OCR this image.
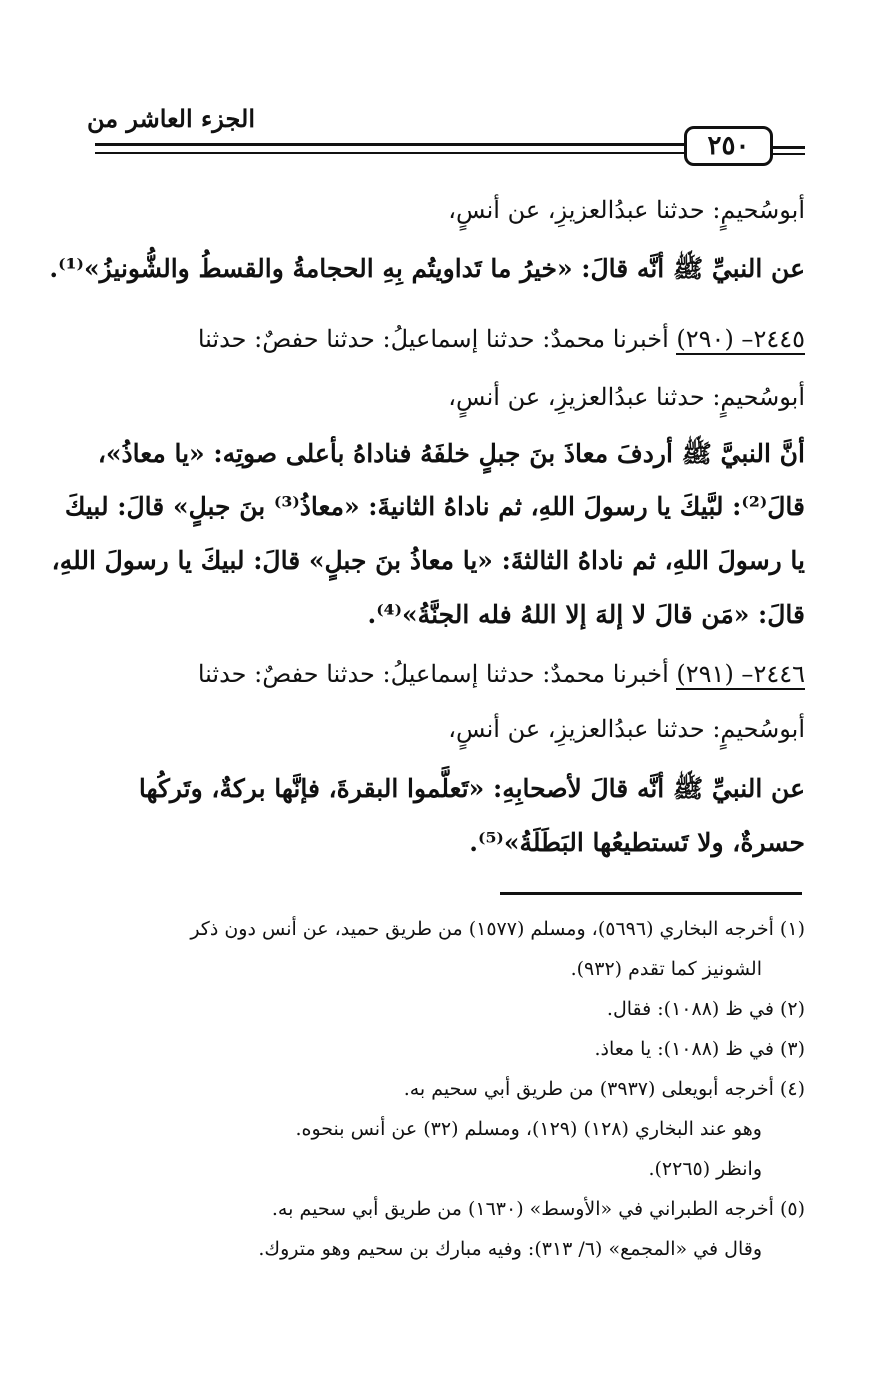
الجزء العاشر من
٢٥٠
أبوسُحيمٍ: حدثنا عبدُالعزيزِ، عن أنسٍ،
عن النبيِّ ﷺ أنَّه قالَ: «خيرُ ما تَداويتُم بِهِ الحجامةُ والقسطُ والشُّونيزُ»⁽¹⁾.
٢٤٤٥– (٢٩٠) أخبرنا محمدٌ: حدثنا إسماعيلُ: حدثنا حفصٌ: حدثنا
أبوسُحيمٍ: حدثنا عبدُالعزيزِ، عن أنسٍ،
أنَّ النبيَّ ﷺ أردفَ معاذَ بنَ جبلٍ خلفَهُ فناداهُ بأعلى صوتِه: «يا معاذُ»،
قالَ⁽²⁾: لبَّيكَ يا رسولَ اللهِ، ثم ناداهُ الثانيةَ: «معاذُ⁽³⁾ بنَ جبلٍ» قالَ: لبيكَ
يا رسولَ اللهِ، ثم ناداهُ الثالثةَ: «يا معاذُ بنَ جبلٍ» قالَ: لبيكَ يا رسولَ اللهِ،
قالَ: «مَن قالَ لا إلهَ إلا اللهُ فله الجنَّةُ»⁽⁴⁾.
٢٤٤٦– (٢٩١) أخبرنا محمدٌ: حدثنا إسماعيلُ: حدثنا حفصٌ: حدثنا
أبوسُحيمٍ: حدثنا عبدُالعزيزِ، عن أنسٍ،
عن النبيِّ ﷺ أنَّه قالَ لأصحابِهِ: «تَعلَّموا البقرةَ، فإنَّها بركةٌ، وتَركُها
حسرةٌ، ولا تَستطيعُها البَطَلَةُ»⁽⁵⁾.
(١) أخرجه البخاري (٥٦٩٦)، ومسلم (١٥٧٧) من طريق حميد، عن أنس دون ذكر
الشونيز كما تقدم (٩٣٢).
(٢) في ظ (١٠٨٨): فقال.
(٣) في ظ (١٠٨٨): يا معاذ.
(٤) أخرجه أبويعلى (٣٩٣٧) من طريق أبي سحيم به.
وهو عند البخاري (١٢٨) (١٢٩)، ومسلم (٣٢) عن أنس بنحوه.
وانظر (٢٢٦٥).
(٥) أخرجه الطبراني في «الأوسط» (١٦٣٠) من طريق أبي سحيم به.
وقال في «المجمع» (٦/ ٣١٣): وفيه مبارك بن سحيم وهو متروك.
